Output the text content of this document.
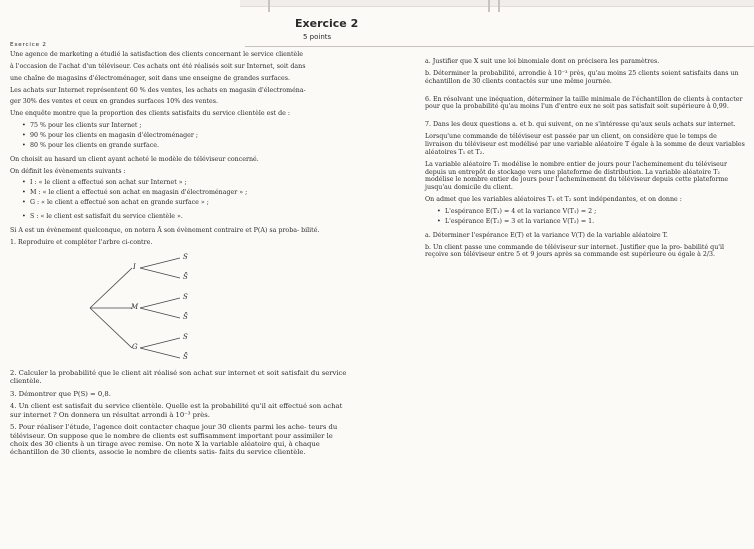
Exercice 2
5 points
Exercice 2
Une agence de marketing a étudié la satisfaction des clients concernant le service clientèle
à l'occasion de l'achat d'un téléviseur. Ces achats ont été réalisés soit sur Internet, soit dans
une chaîne de magasins d'électroménager, soit dans une enseigne de grandes surfaces.
Les achats sur Internet représentent 60 % des ventes, les achats en magasin d'électroména-
ger 30% des ventes et ceux en grandes surfaces 10% des ventes.
Une enquête montre que la proportion des clients satisfaits du service clientèle est de :
• 75 % pour les clients sur Internet ;
• 90 % pour les clients en magasin d'électroménager ;
• 80 % pour les clients en grande surface.
On choisit au hasard un client ayant acheté le modèle de téléviseur concerné.
On définit les évènements suivants :
• I : « le client a effectué son achat sur Internet » ;
• M : « le client a effectué son achat en magasin d'électroménager » ;
• G : « le client a effectué son achat en grande surface » ;
• S : « le client est satisfait du service clientèle ».
Si A est un évènement quelconque, on notera Ā son évènement contraire et P(A) sa proba- bilité.
1. Reproduire et compléter l'arbre ci-contre.
I
M
G
S
S̄
S
S̄
S
S̄
2. Calculer la probabilité que le client ait réalisé son achat sur internet et soit satisfait du service clientèle.
3. Démontrer que P(S) = 0,8.
4. Un client est satisfait du service clientèle. Quelle est la probabilité qu'il ait effectué son achat sur internet ? On donnera un résultat arrondi à 10⁻³ près.
5. Pour réaliser l'étude, l'agence doit contacter chaque jour 30 clients parmi les ache- teurs du téléviseur. On suppose que le nombre de clients est suffisamment important pour assimiler le choix des 30 clients à un tirage avec remise. On note X la variable aléatoire qui, à chaque échantillon de 30 clients, associe le nombre de clients satis- faits du service clientèle.
a. Justifier que X suit une loi binomiale dont on précisera les paramètres.
b. Déterminer la probabilité, arrondie à 10⁻³ près, qu'au moins 25 clients soient satisfaits dans un échantillon de 30 clients contactés sur une même journée.
6. En résolvant une inéquation, déterminer la taille minimale de l'échantillon de clients à contacter pour que la probabilité qu'au moins l'un d'entre eux ne soit pas satisfait soit supérieure à 0,99.
7. Dans les deux questions a. et b. qui suivent, on ne s'intéresse qu'aux seuls achats sur internet.
Lorsqu'une commande de téléviseur est passée par un client, on considère que le temps de livraison du téléviseur est modélisé par une variable aléatoire T égale à la somme de deux variables aléatoires T₁ et T₂.
La variable aléatoire T₁ modélise le nombre entier de jours pour l'acheminement du téléviseur depuis un entrepôt de stockage vers une plateforme de distribution. La variable aléatoire T₂ modélise le nombre entier de jours pour l'acheminement du téléviseur depuis cette plateforme jusqu'au domicile du client.
On admet que les variables aléatoires T₁ et T₂ sont indépendantes, et on donne :
• L'espérance E(T₁) = 4 et la variance V(T₁) = 2 ;
• L'espérance E(T₂) = 3 et la variance V(T₂) = 1.
a. Déterminer l'espérance E(T) et la variance V(T) de la variable aléatoire T.
b. Un client passe une commande de téléviseur sur internet. Justifier que la pro- babilité qu'il reçoive son téléviseur entre 5 et 9 jours après sa commande est supérieure ou égale à 2/3.
